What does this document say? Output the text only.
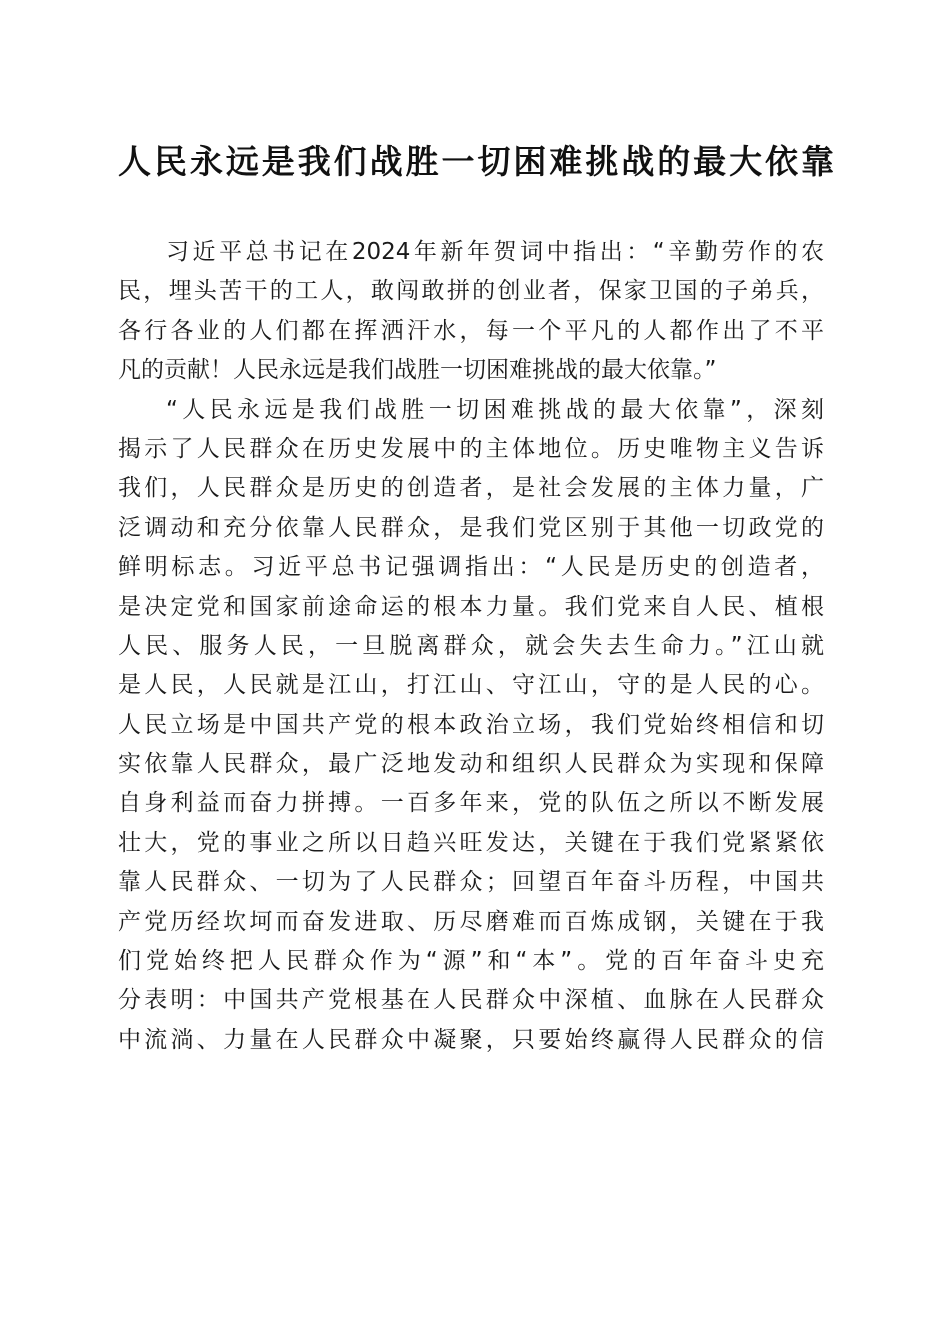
人民永远是我们战胜一切困难挑战的最大依靠
习近平总书记在2024年新年贺词中指出：“辛勤劳作的农
民，埋头苦干的工人，敢闯敢拼的创业者，保家卫国的子弟兵，
各行各业的人们都在挥洒汗水，每一个平凡的人都作出了不平
凡的贡献！人民永远是我们战胜一切困难挑战的最大依靠。”
“人民永远是我们战胜一切困难挑战的最大依靠”，深刻
揭示了人民群众在历史发展中的主体地位。历史唯物主义告诉
我们，人民群众是历史的创造者，是社会发展的主体力量，广
泛调动和充分依靠人民群众，是我们党区别于其他一切政党的
鲜明标志。习近平总书记强调指出：“人民是历史的创造者，
是决定党和国家前途命运的根本力量。我们党来自人民、植根
人民、服务人民，一旦脱离群众，就会失去生命力。”江山就
是人民，人民就是江山，打江山、守江山，守的是人民的心。
人民立场是中国共产党的根本政治立场，我们党始终相信和切
实依靠人民群众，最广泛地发动和组织人民群众为实现和保障
自身利益而奋力拼搏。一百多年来，党的队伍之所以不断发展
壮大，党的事业之所以日趋兴旺发达，关键在于我们党紧紧依
靠人民群众、一切为了人民群众；回望百年奋斗历程，中国共
产党历经坎坷而奋发进取、历尽磨难而百炼成钢，关键在于我
们党始终把人民群众作为“源”和“本”。党的百年奋斗史充
分表明：中国共产党根基在人民群众中深植、血脉在人民群众
中流淌、力量在人民群众中凝聚，只要始终赢得人民群众的信
